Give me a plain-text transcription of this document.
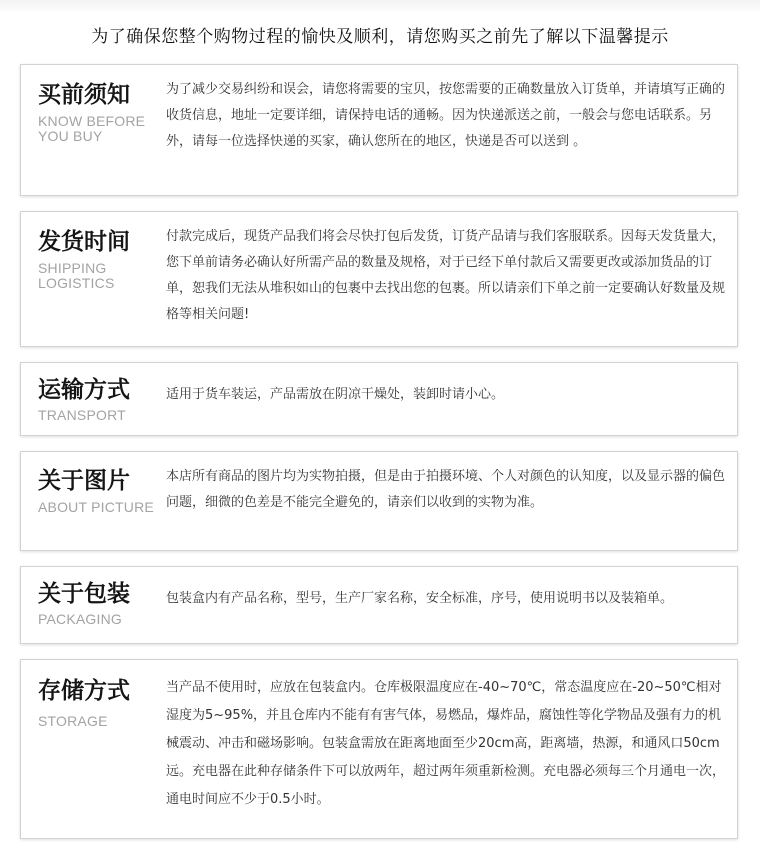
为了确保您整个购物过程的愉快及顺利，请您购买之前先了解以下温馨提示
买前须知
KNOW BEFORE YOU BUY

为了减少交易纠纷和误会，请您将需要的宝贝，按您需要的正确数量放入订货单，并请填写正确的收货信息，地址一定要详细，请保持电话的通畅。因为快递派送之前，一般会与您电话联系。另外，请每一位选择快递的买家，确认您所在的地区，快递是否可以送到 。

发货时间
SHIPPING LOGISTICS

付款完成后，现货产品我们将会尽快打包后发货，订货产品请与我们客服联系。因每天发货量大，您下单前请务必确认好所需产品的数量及规格，对于已经下单付款后又需要更改或添加货品的订单，恕我们无法从堆积如山的包裹中去找出您的包裹。所以请亲们下单之前一定要确认好数量及规格等相关问题!

运输方式
TRANSPORT

适用于货车装运，产品需放在阴凉干燥处，装卸时请小心。

关于图片
ABOUT PICTURE

本店所有商品的图片均为实物拍摄，但是由于拍摄环境、个人对颜色的认知度，以及显示器的偏色问题，细微的色差是不能完全避免的，请亲们以收到的实物为准。

关于包装
PACKAGING

包装盒内有产品名称，型号，生产厂家名称，安全标准，序号，使用说明书以及装箱单。

存储方式
STORAGE

当产品不使用时，应放在包装盒内。仓库极限温度应在-40~70℃，常态温度应在-20~50℃相对湿度为5~95%，并且仓库内不能有有害气体，易燃品，爆炸品，腐蚀性等化学物品及强有力的机械震动、冲击和磁场影响。包装盒需放在距离地面至少20cm高，距离墙，热源，和通风口50cm远。充电器在此种存储条件下可以放两年，超过两年须重新检测。充电器必须每三个月通电一次，通电时间应不少于0.5小时。
